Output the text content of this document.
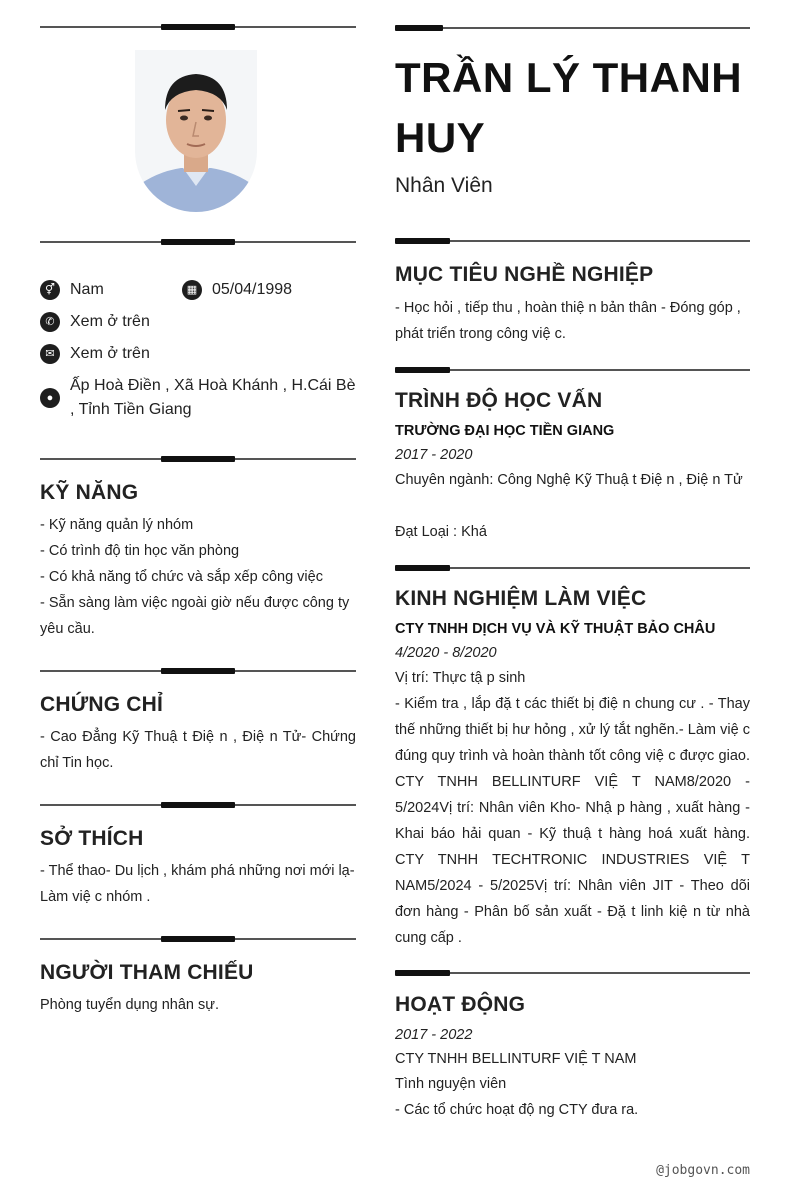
⚥ Nam	▦ 05/04/1998
✆ Xem ở trên
✉ Xem ở trên
●
Ấp Hoà Điền , Xã Hoà Khánh , H.Cái Bè , Tỉnh Tiền Giang
KỸ NĂNG
- Kỹ năng quản lý nhóm
- Có trình độ tin học văn phòng
- Có khả năng tổ chức và sắp xếp công việc
- Sẵn sàng làm việc ngoài giờ nếu được công ty yêu cầu.
CHỨNG CHỈ
- Cao Đẳng Kỹ Thuậ t Điệ n , Điệ n Tử- Chứng chỉ Tin học.
SỞ THÍCH
- Thể thao- Du lịch , khám phá những nơi mới lạ- Làm việ c nhóm .
NGƯỜI THAM CHIẾU
Phòng tuyển dụng nhân sự.
TRẦN LÝ THANH HUY
Nhân Viên
MỤC TIÊU NGHỀ NGHIỆP
- Học hỏi , tiếp thu , hoàn thiệ n bản thân - Đóng góp , phát triển trong công việ c.
TRÌNH ĐỘ HỌC VẤN
TRƯỜNG ĐẠI HỌC TIỀN GIANG
2017 - 2020
Chuyên ngành: Công Nghệ Kỹ Thuậ t Điệ n , Điệ n Tử
Đạt Loại : Khá
KINH NGHIỆM LÀM VIỆC
CTY TNHH DỊCH VỤ VÀ KỸ THUẬT BẢO CHÂU
4/2020 - 8/2020
Vị trí: Thực tậ p sinh
- Kiểm tra , lắp đặ t các thiết bị điệ n chung cư . - Thay thế những thiết bị hư hỏng , xử lý tắt nghẽn.- Làm việ c đúng quy trình và hoàn thành tốt công việ c được giao. CTY TNHH BELLINTURF VIỆ T NAM8/2020 - 5/2024Vị trí: Nhân viên Kho- Nhậ p hàng , xuất hàng - Khai báo hải quan - Kỹ thuậ t hàng hoá xuất hàng. CTY TNHH TECHTRONIC INDUSTRIES VIỆ T NAM5/2024 - 5/2025Vị trí: Nhân viên JIT - Theo dõi đơn hàng - Phân bố sản xuất - Đặ t linh kiệ n từ nhà cung cấp .
HOẠT ĐỘNG
2017 - 2022
CTY TNHH BELLINTURF VIỆ T NAM
Tình nguyện viên
- Các tổ chức hoạt độ ng CTY đưa ra.
@jobgovn.com
